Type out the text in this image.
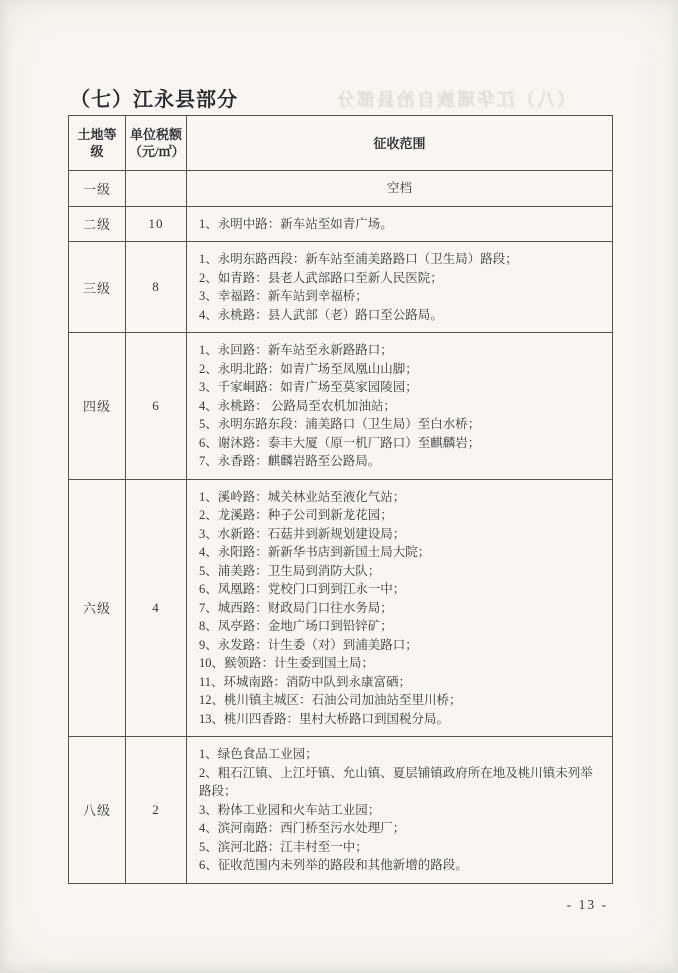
（八）江华瑶族自治县部分
（七）江永县部分
土地等级	单位税额（元/㎡）	征收范围
一级		空档

二级	10	1、永明中路：新车站至如青广场。

三级	8	1、永明东路西段：新车站至浦美路路口（卫生局）路段；
2、如青路：县老人武部路口至新人民医院；
3、幸福路：新车站到幸福桥；
4、永桃路：县人武部（老）路口至公路局。

四级	6	
1、永回路：新车站至永新路路口；
2、永明北路：如青广场至凤凰山山脚；
3、千家峒路：如青广场至莫家园陵园；
4、永桃路： 公路局至农机加油站；
5、永明东路东段：浦美路口（卫生局）至白水桥；
6、谢沐路：泰丰大厦（原一机厂路口）至麒麟岩；
7、永香路：麒麟岩路至公路局。

六级	4	
1、溪岭路：城关林业站至液化气站；
2、龙溪路：种子公司到新龙花园；
3、水新路：石菇井到新规划建设局；
4、永阳路：新新华书店到新国土局大院；
5、浦美路：卫生局到消防大队；
6、凤凰路：党校门口到到江永一中；
7、城西路：财政局门口往水务局；
8、凤亭路：金地广场口到铅锌矿；
9、永发路：计生委（对）到浦美路口；
10、猴领路：计生委到国土局；
11、环城南路：消防中队到永康富硒；
12、桃川镇主城区：石油公司加油站至里川桥；
13、桃川四香路：里村大桥路口到国税分局。

八级	2	
1、绿色食品工业园；
2、粗石江镇、上江圩镇、允山镇、夏层铺镇政府所在地及桃川镇未列举路段；
3、粉体工业园和火车站工业园；
4、滨河南路：西门桥至污水处理厂；
5、滨河北路：江丰村至一中；
6、征收范围内未列举的路段和其他新增的路段。
- 13 -
